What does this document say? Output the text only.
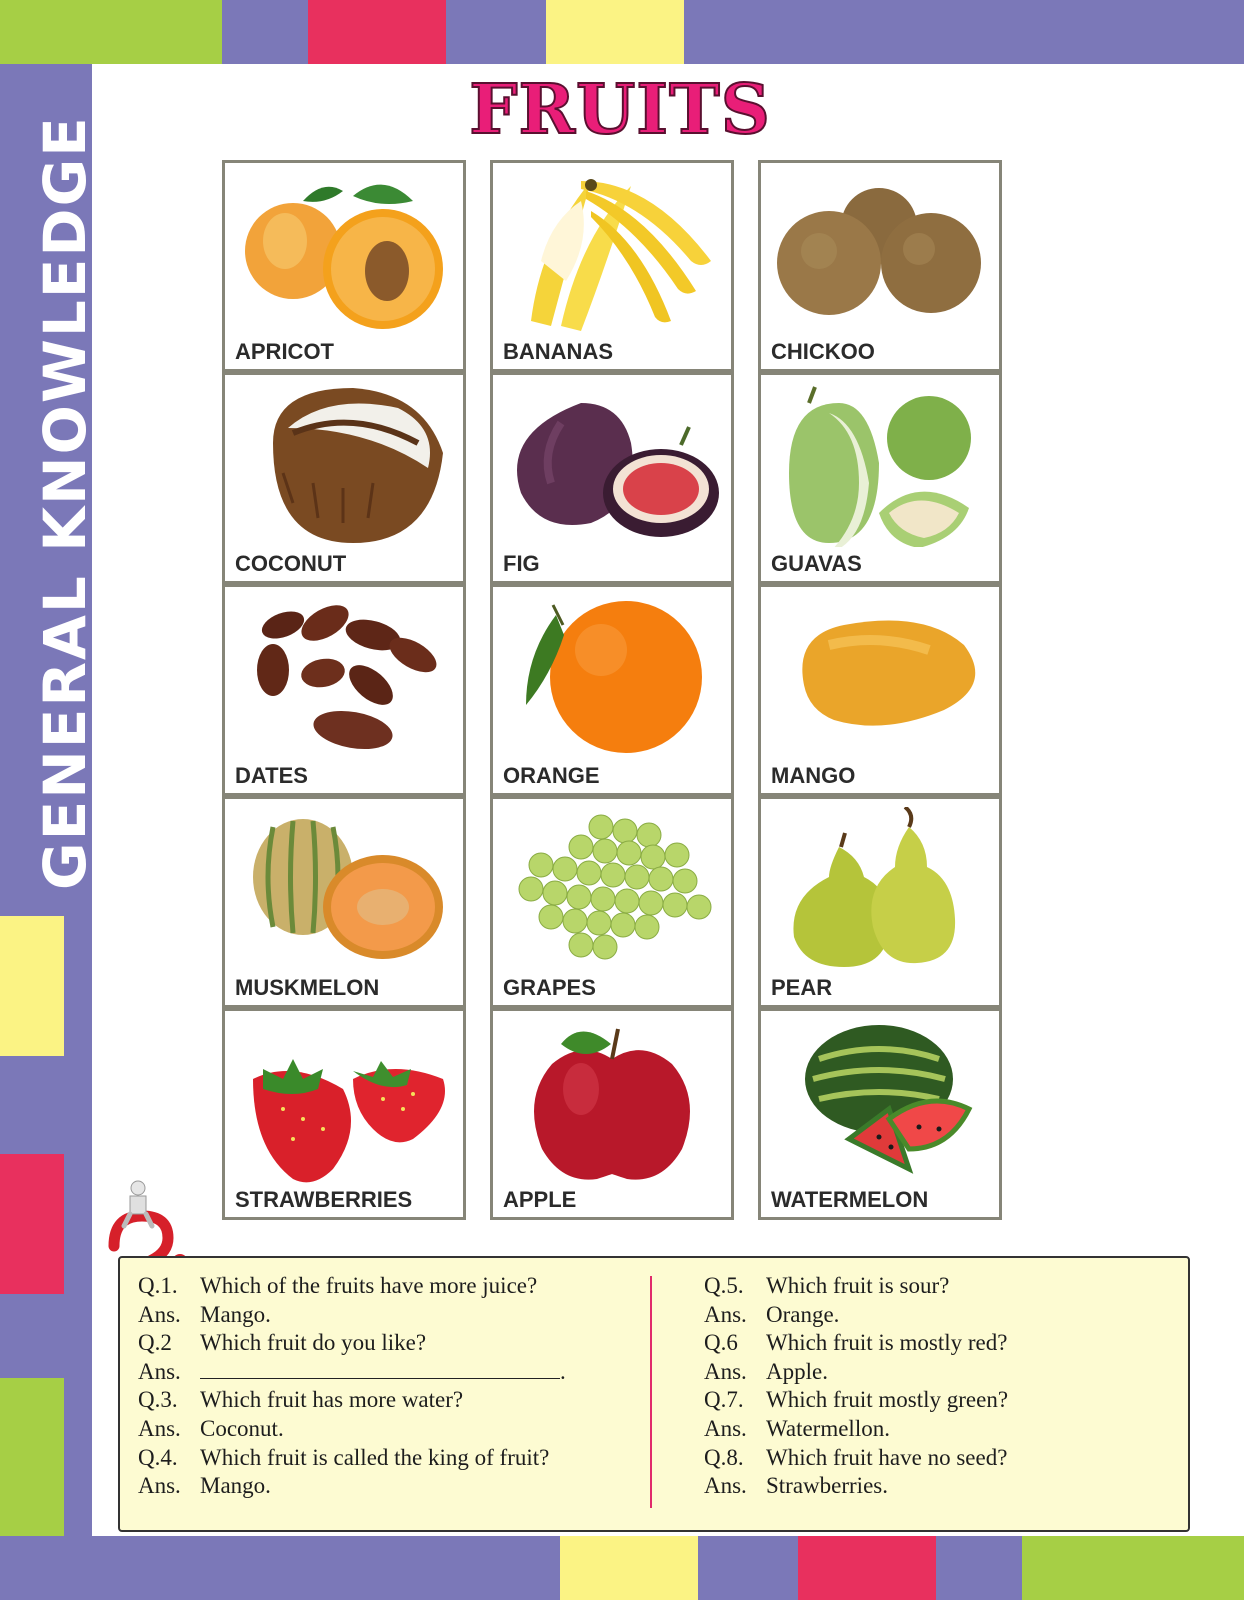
GENERAL KNOWLEDGE
FRUITS
APRICOT	BANANAS	CHICKOO
COCONUT	FIG	GUAVAS
DATES	ORANGE	MANGO
MUSKMELON	GRAPES	PEAR
STRAWBERRIES	APPLE	WATERMELON
Q.1. Which of the fruits have more juice?
Ans. Mango.
Q.2 Which fruit do you like?
Ans.	.
Q.3. Which fruit has more water?
Ans. Coconut.
Q.4. Which fruit is called the king of fruit?
Ans. Mango.
Q.5. Which fruit is sour?
Ans. Orange.
Q.6 Which fruit is mostly red?
Ans. Apple.
Q.7. Which fruit mostly green?
Ans. Watermellon.
Q.8. Which fruit have no seed?
Ans. Strawberries.
